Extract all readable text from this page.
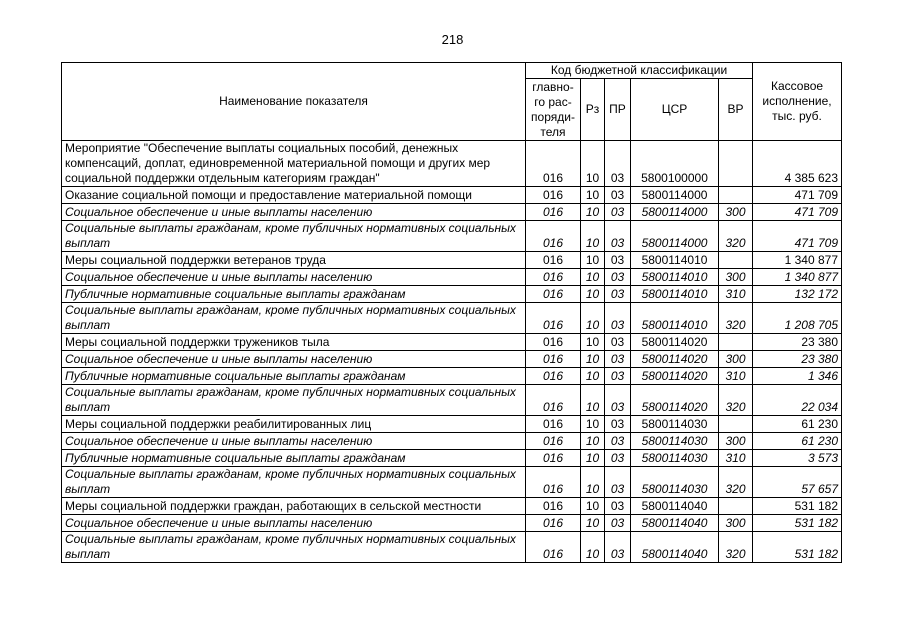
218
Наименование показателя	Код бюджетной классификации					Кассовое исполнение, тыс. руб.
	главно-го рас-поряди-теля	Рз	ПР	ЦСР	ВР	
Мероприятие "Обеспечение выплаты социальных пособий, денежных компенсаций, доплат, единовременной материальной помощи и других мер социальной поддержки отдельным категориям граждан"	016	10	03	5800100000		4 385 623
Оказание социальной помощи и предоставление материальной помощи	016	10	03	5800114000		471 709
Социальное обеспечение и иные выплаты населению	016	10	03	5800114000	300	471 709
Социальные выплаты гражданам, кроме публичных нормативных социальных выплат	016	10	03	5800114000	320	471 709
Меры социальной поддержки ветеранов труда	016	10	03	5800114010		1 340 877
Социальное обеспечение и иные выплаты населению	016	10	03	5800114010	300	1 340 877
Публичные нормативные социальные выплаты гражданам	016	10	03	5800114010	310	132 172
Социальные выплаты гражданам, кроме публичных нормативных социальных выплат	016	10	03	5800114010	320	1 208 705
Меры социальной поддержки тружеников тыла	016	10	03	5800114020		23 380
Социальное обеспечение и иные выплаты населению	016	10	03	5800114020	300	23 380
Публичные нормативные социальные выплаты гражданам	016	10	03	5800114020	310	1 346
Социальные выплаты гражданам, кроме публичных нормативных социальных выплат	016	10	03	5800114020	320	22 034
Меры социальной поддержки реабилитированных лиц	016	10	03	5800114030		61 230
Социальное обеспечение и иные выплаты населению	016	10	03	5800114030	300	61 230
Публичные нормативные социальные выплаты гражданам	016	10	03	5800114030	310	3 573
Социальные выплаты гражданам, кроме публичных нормативных социальных выплат	016	10	03	5800114030	320	57 657
Меры социальной поддержки граждан, работающих в сельской местности	016	10	03	5800114040		531 182
Социальное обеспечение и иные выплаты населению	016	10	03	5800114040	300	531 182
Социальные выплаты гражданам, кроме публичных нормативных социальных выплат	016	10	03	5800114040	320	531 182
